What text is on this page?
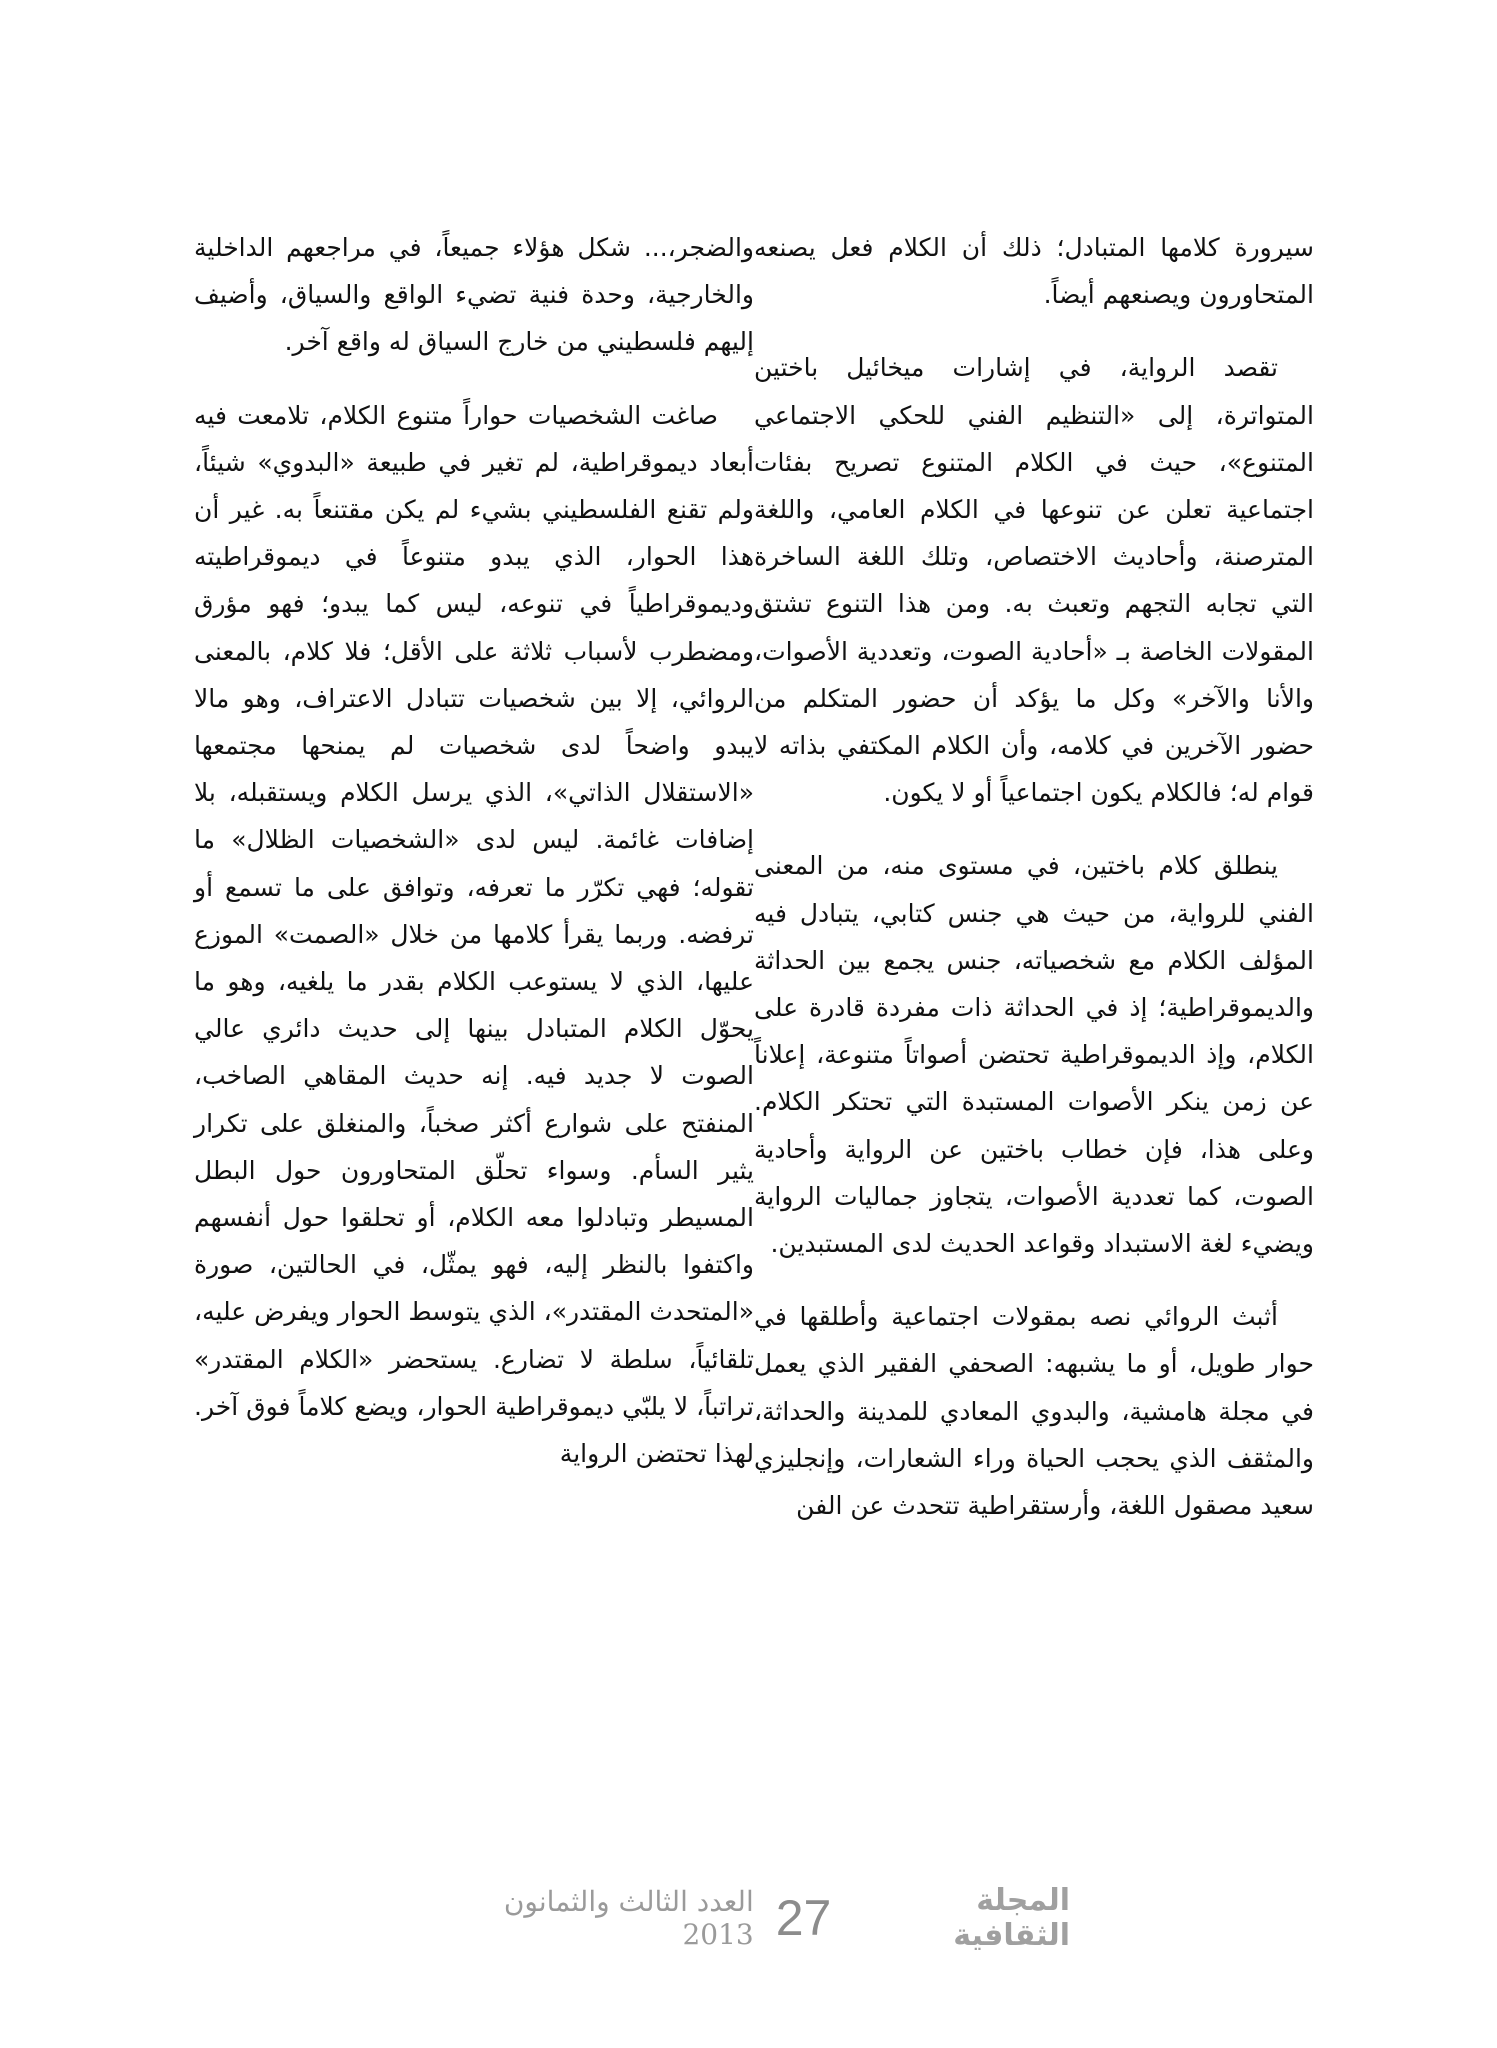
سيرورة كلامها المتبادل؛ ذلك أن الكلام فعل يصنعه المتحاورون ويصنعهم أيضاً.

تقصد الرواية، في إشارات ميخائيل باختين المتواترة، إلى «التنظيم الفني للحكي الاجتماعي المتنوع»، حيث في الكلام المتنوع تصريح بفئات اجتماعية تعلن عن تنوعها في الكلام العامي، واللغة المترصنة، وأحاديث الاختصاص، وتلك اللغة الساخرة التي تجابه التجهم وتعبث به. ومن هذا التنوع تشتق المقولات الخاصة بـ «أحادية الصوت، وتعددية الأصوات، والأنا والآخر» وكل ما يؤكد أن حضور المتكلم من حضور الآخرين في كلامه، وأن الكلام المكتفي بذاته لا قوام له؛ فالكلام يكون اجتماعياً أو لا يكون.

ينطلق كلام باختين، في مستوى منه، من المعنى الفني للرواية، من حيث هي جنس كتابي، يتبادل فيه المؤلف الكلام مع شخصياته، جنس يجمع بين الحداثة والديموقراطية؛ إذ في الحداثة ذات مفردة قادرة على الكلام، وإذ الديموقراطية تحتضن أصواتاً متنوعة، إعلاناً عن زمن ينكر الأصوات المستبدة التي تحتكر الكلام. وعلى هذا، فإن خطاب باختين عن الرواية وأحادية الصوت، كما تعددية الأصوات، يتجاوز جماليات الرواية ويضيء لغة الاستبداد وقواعد الحديث لدى المستبدين.

أثبث الروائي نصه بمقولات اجتماعية وأطلقها في حوار طويل، أو ما يشبهه: الصحفي الفقير الذي يعمل في مجلة هامشية، والبدوي المعادي للمدينة والحداثة، والمثقف الذي يحجب الحياة وراء الشعارات، وإنجليزي سعيد مصقول اللغة، وأرستقراطية تتحدث عن الفن

والضجر،... شكل هؤلاء جميعاً، في مراجعهم الداخلية والخارجية، وحدة فنية تضيء الواقع والسياق، وأضيف إليهم فلسطيني من خارج السياق له واقع آخر.

صاغت الشخصيات حواراً متنوع الكلام، تلامعت فيه أبعاد ديموقراطية، لم تغير في طبيعة «البدوي» شيئاً، ولم تقنع الفلسطيني بشيء لم يكن مقتنعاً به. غير أن هذا الحوار، الذي يبدو متنوعاً في ديموقراطيته وديموقراطياً في تنوعه، ليس كما يبدو؛ فهو مؤرق ومضطرب لأسباب ثلاثة على الأقل؛ فلا كلام، بالمعنى الروائي، إلا بين شخصيات تتبادل الاعتراف، وهو مالا يبدو واضحاً لدى شخصيات لم يمنحها مجتمعها «الاستقلال الذاتي»، الذي يرسل الكلام ويستقبله، بلا إضافات غائمة. ليس لدى «الشخصيات الظلال» ما تقوله؛ فهي تكرّر ما تعرفه، وتوافق على ما تسمع أو ترفضه. وربما يقرأ كلامها من خلال «الصمت» الموزع عليها، الذي لا يستوعب الكلام بقدر ما يلغيه، وهو ما يحوّل الكلام المتبادل بينها إلى حديث دائري عالي الصوت لا جديد فيه. إنه حديث المقاهي الصاخب، المنفتح على شوارع أكثر صخباً، والمنغلق على تكرار يثير السأم. وسواء تحلّق المتحاورون حول البطل المسيطر وتبادلوا معه الكلام، أو تحلقوا حول أنفسهم واكتفوا بالنظر إليه، فهو يمثّل، في الحالتين، صورة «المتحدث المقتدر»، الذي يتوسط الحوار ويفرض عليه، تلقائياً، سلطة لا تضارع. يستحضر «الكلام المقتدر» تراتباً، لا يلبّي ديموقراطية الحوار، ويضع كلاماً فوق آخر. لهذا تحتضن الرواية

المجلة الثقافية
27
العدد الثالث والثمانون 2013
